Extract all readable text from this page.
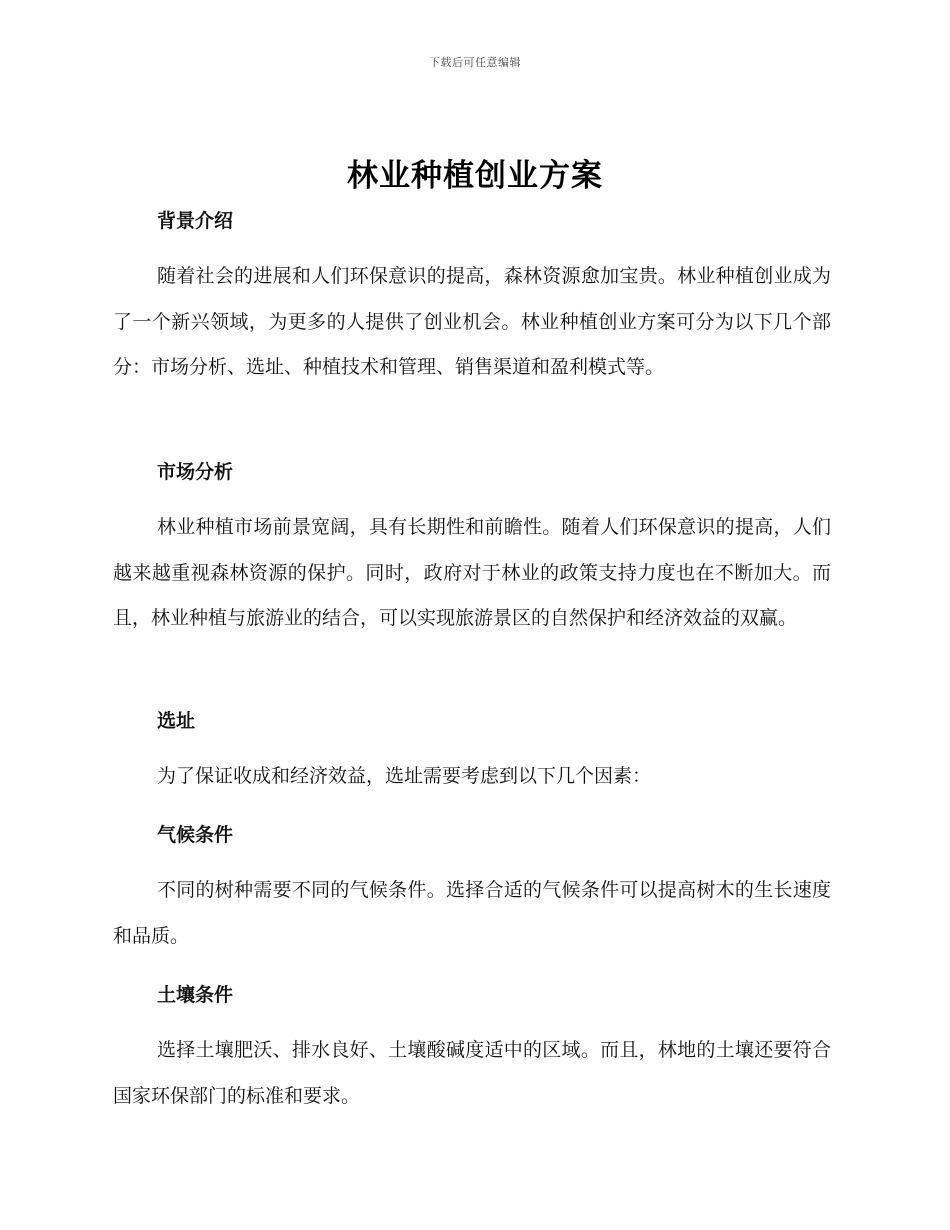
下载后可任意编辑
林业种植创业方案

背景介绍

随着社会的进展和人们环保意识的提高，森林资源愈加宝贵。林业种植创业成为了一个新兴领域，为更多的人提供了创业机会。林业种植创业方案可分为以下几个部分：市场分析、选址、种植技术和管理、销售渠道和盈利模式等。

市场分析

林业种植市场前景宽阔，具有长期性和前瞻性。随着人们环保意识的提高，人们越来越重视森林资源的保护。同时，政府对于林业的政策支持力度也在不断加大。而且，林业种植与旅游业的结合，可以实现旅游景区的自然保护和经济效益的双赢。

选址

为了保证收成和经济效益，选址需要考虑到以下几个因素：

气候条件

不同的树种需要不同的气候条件。选择合适的气候条件可以提高树木的生长速度和品质。

土壤条件

选择土壤肥沃、排水良好、土壤酸碱度适中的区域。而且，林地的土壤还要符合国家环保部门的标准和要求。
